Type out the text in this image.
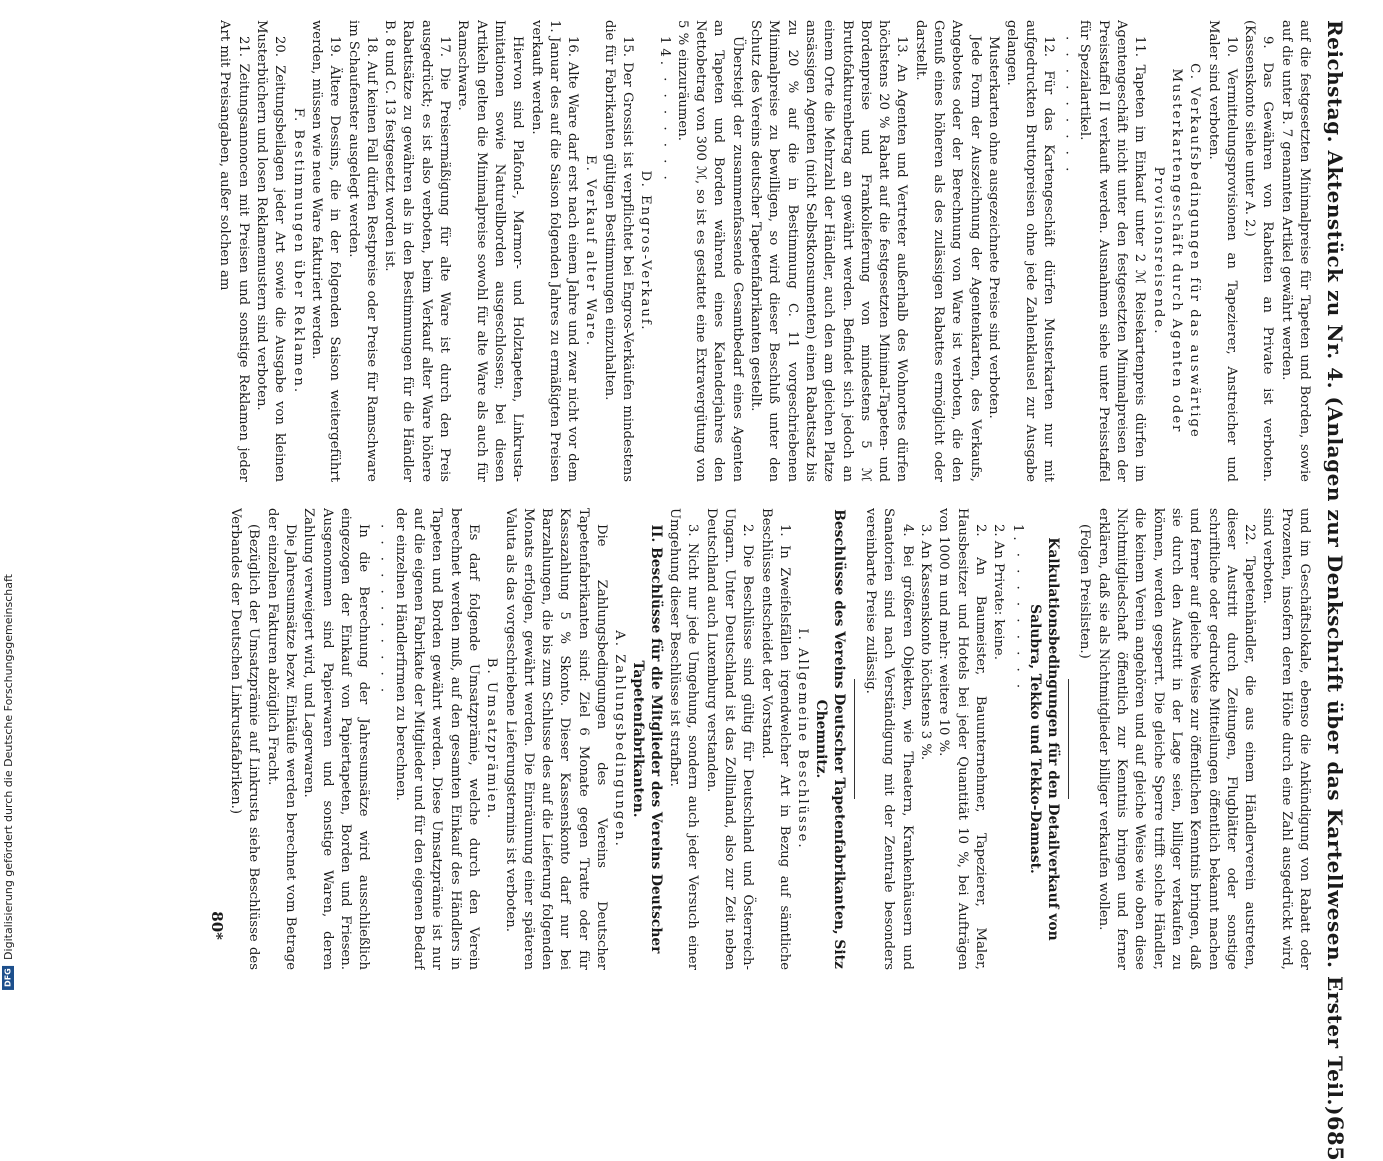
Reichstag. Aktenstück zu Nr. 4. (Anlagen zur Denkschrift über das Kartellwesen. Erster Teil.)
685

auf die festgesetzten Minimalpreise für Tapeten und Borden, sowie auf die unter B. 7 genannten Artikel gewährt werden.

9. Das Gewähren von Rabatten an Private ist verboten. (Kassenskonto siehe unter A. 2.)

10. Vermittelungsprovisionen an Tapezierer, Anstreicher und Maler sind verboten.

C. Verkaufsbedingungen für das auswärtige Musterkartengeschäft durch Agenten oder Provisionsreisende.

11. Tapeten im Einkauf unter 2 ℳ Reisekartenpreis dürfen im Agentengeschäft nicht unter den festgesetzten Minimalpreisen der Preisstaffel II verkauft werden. Ausnahmen siehe unter Preisstaffel für Spezialartikel.

· · · · · · · · ·

12. Für das Kartengeschäft dürfen Musterkarten nur mit aufgedruckten Bruttopreisen ohne jede Zahlenklausel zur Ausgabe gelangen.

Musterkarten ohne ausgezeichnete Preise sind verboten.

Jede Form der Auszeichnung der Agentenkarten, des Verkaufs, Angebotes oder der Berechnung von Ware ist verboten, die den Genuß eines höheren als des zulässigen Rabattes ermöglicht oder darstellt.

13. An Agenten und Vertreter außerhalb des Wohnortes dürfen höchstens 20 % Rabatt auf die festgesetzten Minimal-Tapeten- und Bordenpreise und Frankolieferung von mindestens 5 ℳ Bruttofakturenbetrag an gewährt werden. Befindet sich jedoch an einem Orte die Mehrzahl der Händler, auch den am gleichen Platze ansässigen Agenten (nicht Selbstkonsumenten) einen Rabattsatz bis zu 20 % auf die in Bestimmung C. 11 vorgeschriebenen Minimalpreise zu bewilligen, so wird dieser Beschluß unter den Schutz des Vereins deutscher Tapetenfabrikanten gestellt.

Übersteigt der zusammenfassende Gesamtbedarf eines Agenten an Tapeten und Borden während eines Kalenderjahres den Nettobetrag von 300 ℳ, so ist es gestattet eine Extravergütung von 5 % einzuräumen.

14. · · · · · · ·

D. Engros-Verkauf.

15. Der Grossist ist verpflichtet bei Engros-Verkäufen mindestens die für Fabrikanten gültigen Bestimmungen einzuhalten.

E. Verkauf alter Ware.

16. Alte Ware darf erst nach einem Jahre und zwar nicht vor dem 1. Januar des auf die Saison folgenden Jahres zu ermäßigten Preisen verkauft werden.

Hiervon sind Plafond-, Marmor- und Holztapeten, Linkrusta-Imitationen sowie Naturellborden ausgeschlossen; bei diesen Artikeln gelten die Minimalpreise sowohl für alte Ware als auch für Ramschware.

17. Die Preisermäßigung für alte Ware ist durch den Preis ausgedrückt; es ist also verboten, beim Verkauf alter Ware höhere Rabattsätze zu gewähren als in den Bestimmungen für die Händler B. 8 und C. 13 festgesetzt worden ist.

18. Auf keinen Fall dürfen Restpreise oder Preise für Ramschware im Schaufenster ausgelegt werden.

19. Ältere Dessins, die in der folgenden Saison weitergeführt werden, müssen wie neue Ware fakturiert werden.

F. Bestimmungen über Reklamen.

20. Zeitungsbeilagen jeder Art sowie die Ausgabe von kleinen Musterbüchern und losen Reklamemustern sind verboten.

21. Zeitungsannoncen mit Preisen und sonstige Reklamen jeder Art mit Preisangaben, außer solchen am

und im Geschäftslokale, ebenso die Ankündigung von Rabatt oder Prozenten, insofern deren Höhe durch eine Zahl ausgedrückt wird, sind verboten.

22. Tapetenhändler, die aus einem Händlerverein austreten, dieser Austritt durch Zeitungen, Flugblätter oder sonstige schriftliche oder gedruckte Mitteilungen öffentlich bekannt machen und ferner auf gleiche Weise zur öffentlichen Kenntnis bringen, daß sie durch den Austritt in der Lage seien, billiger verkaufen zu können, werden gesperrt. Die gleiche Sperre trifft solche Händler, die keinem Verein angehören und auf gleiche Weise wie oben diese Nichtmitgliedschaft öffentlich zur Kenntnis bringen und ferner erklären, daß sie als Nichtmitglieder billiger verkaufen wollen.

(Folgen Preislisten.)

Kalkulationsbedingungen für den Detailverkauf von Salubra, Tekko und Tekko-Damast.

1. · · · · · · · · ·

2. An Private: keine.

2. An Baumeister, Bauunternehmer, Tapezierer, Maler, Hausbesitzer und Hotels bei jeder Quantität 10 %, bei Aufträgen von 1000 m und mehr: weitere 10 %.

3. An Kassenskonto höchstens 3 %.

4. Bei größeren Objekten, wie Theatern, Krankenhäusern und Sanatorien sind nach Verständigung mit der Zentrale besonders vereinbarte Preise zulässig.

Beschlüsse des Vereins Deutscher Tapetenfabrikanten, Sitz Chemnitz.

I. Allgemeine Beschlüsse.

1. In Zweifelsfällen irgendwelcher Art in Bezug auf sämtliche Beschlüsse entscheidet der Vorstand.

2. Die Beschlüsse sind gültig für Deutschland und Österreich-Ungarn. Unter Deutschland ist das Zollinland, also zur Zeit neben Deutschland auch Luxemburg verstanden.

3. Nicht nur jede Umgehung, sondern auch jeder Versuch einer Umgehung dieser Beschlüsse ist strafbar.

II. Beschlüsse für die Mitglieder des Vereins Deutscher Tapetenfabrikanten.

A. Zahlungsbedingungen.

Die Zahlungsbedingungen des Vereins Deutscher Tapetenfabrikanten sind: Ziel 6 Monate gegen Tratte oder für Kassazahlung 5 % Skonto. Dieser Kassenskonto darf nur bei Barzahlungen, die bis zum Schlusse des auf die Lieferung folgenden Monats erfolgen, gewährt werden. Die Einräumung einer späteren Valuta als das vorgeschriebene Lieferungstermins ist verboten.

B. Umsatzprämien.

Es darf folgende Umsatzprämie, welche durch den Verein berechnet werden muß, auf den gesamten Einkauf des Händlers in Tapeten und Borden gewährt werden. Diese Umsatzprämie ist nur auf die eigenen Fabrikate der Mitglieder und für den eigenen Bedarf der einzelnen Händlerfirmen zu berechnen.

· · · · · · · · · · ·

In die Berechnung der Jahresumsätze wird ausschließlich eingezogen der Einkauf von Papiertapeten, Borden und Friesen. Ausgenommen sind Papierwaren und sonstige Waren, deren Zahlung verweigert wird, und Lagerwaren.

Die Jahresumsätze bezw. Einkäufe werden berechnet vom Betrage der einzelnen Fakturen abzüglich Fracht.

(Bezüglich der Umsatzprämie auf Linkrusta siehe Beschlüsse des Verbandes der Deutschen Linkrustafabriken.)

80*

DFG
Digitalisierung gefördert durch die Deutsche Forschungsgemeinschaft
